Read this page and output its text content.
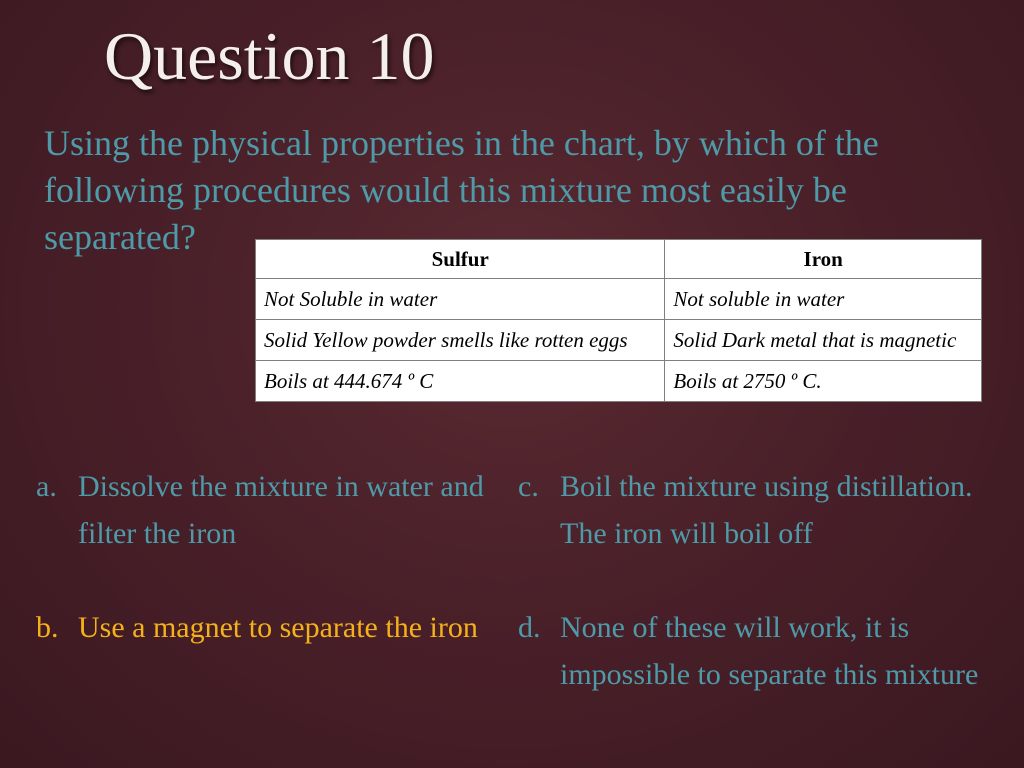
Question 10
Using the physical properties in the chart, by which of the following procedures would this mixture most easily be separated?
Sulfur	Iron
Not Soluble in water	Not soluble in water
Solid Yellow powder smells like rotten eggs	Solid Dark metal that is magnetic
Boils at 444.674 º C	Boils at 2750 º C.
a. Dissolve the mixture in water and filter the iron
b. Use a magnet to separate the iron
c. Boil the mixture using distillation. The iron will boil off
d. None of these will work, it is impossible to separate this mixture
